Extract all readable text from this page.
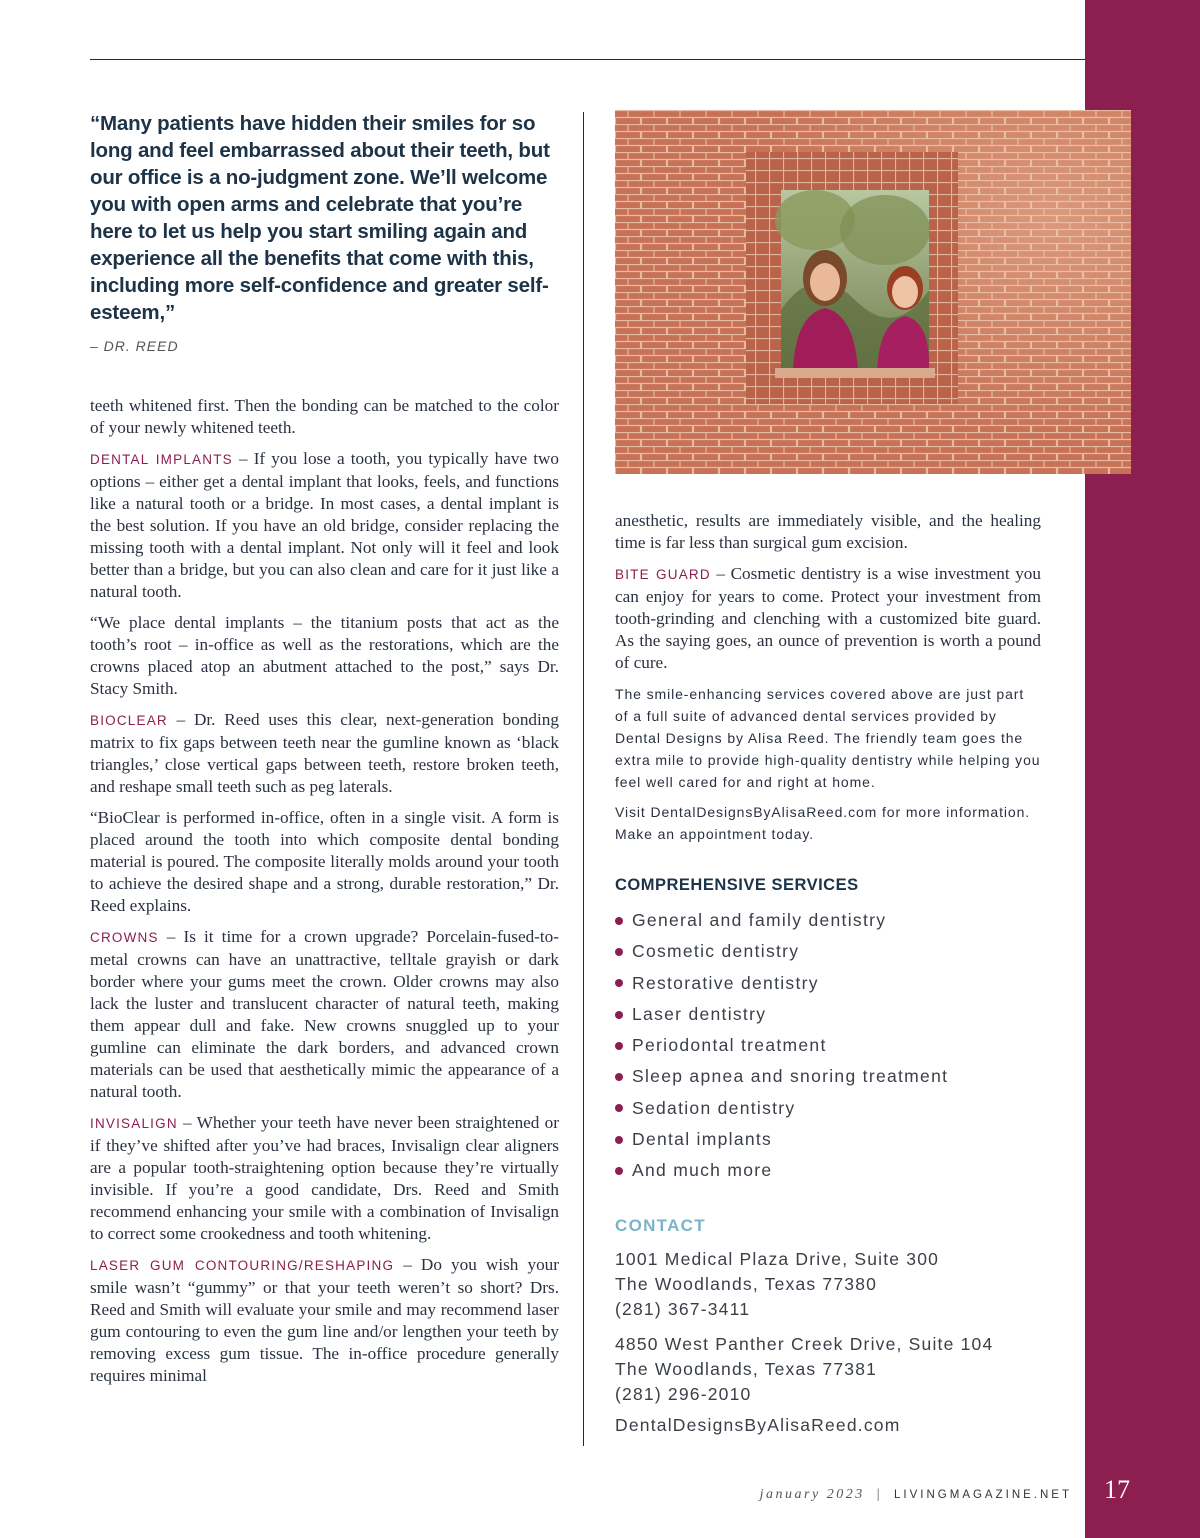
“Many patients have hidden their smiles for so long and feel embarrassed about their teeth, but our office is a no-judgment zone. We’ll welcome you with open arms and celebrate that you’re here to let us help you start smiling again and experience all the benefits that come with this, including more self-confidence and greater self-esteem,”
– DR. REED

teeth whitened first. Then the bonding can be matched to the color of your newly whitened teeth.

DENTAL IMPLANTS – If you lose a tooth, you typically have two options – either get a dental implant that looks, feels, and functions like a natural tooth or a bridge. In most cases, a dental implant is the best solution. If you have an old bridge, consider replacing the missing tooth with a dental implant. Not only will it feel and look better than a bridge, but you can also clean and care for it just like a natural tooth.

“We place dental implants – the titanium posts that act as the tooth’s root – in-office as well as the restorations, which are the crowns placed atop an abutment attached to the post,” says Dr. Stacy Smith.

BIOCLEAR – Dr. Reed uses this clear, next-generation bonding matrix to fix gaps between teeth near the gumline known as ‘black triangles,’ close vertical gaps between teeth, restore broken teeth, and reshape small teeth such as peg laterals.

“BioClear is performed in-office, often in a single visit. A form is placed around the tooth into which composite dental bonding material is poured. The composite literally molds around your tooth to achieve the desired shape and a strong, durable restoration,” Dr. Reed explains.

CROWNS – Is it time for a crown upgrade? Porcelain-fused-to-metal crowns can have an unattractive, telltale grayish or dark border where your gums meet the crown. Older crowns may also lack the luster and translucent character of natural teeth, making them appear dull and fake. New crowns snuggled up to your gumline can eliminate the dark borders, and advanced crown materials can be used that aesthetically mimic the appearance of a natural tooth.

INVISALIGN – Whether your teeth have never been straightened or if they’ve shifted after you’ve had braces, Invisalign clear aligners are a popular tooth-straightening option because they’re virtually invisible. If you’re a good candidate, Drs. Reed and Smith recommend enhancing your smile with a combination of Invisalign to correct some crookedness and tooth whitening.

LASER GUM CONTOURING/RESHAPING – Do you wish your smile wasn’t “gummy” or that your teeth weren’t so short? Drs. Reed and Smith will evaluate your smile and may recommend laser gum contouring to even the gum line and/or lengthen your teeth by removing excess gum tissue. The in-office procedure generally requires minimal

anesthetic, results are immediately visible, and the healing time is far less than surgical gum excision.

BITE GUARD – Cosmetic dentistry is a wise investment you can enjoy for years to come. Protect your investment from tooth-grinding and clenching with a customized bite guard. As the saying goes, an ounce of prevention is worth a pound of cure.

The smile-enhancing services covered above are just part of a full suite of advanced dental services provided by Dental Designs by Alisa Reed. The friendly team goes the extra mile to provide high-quality dentistry while helping you feel well cared for and right at home.

Visit DentalDesignsByAlisaReed.com for more information. Make an appointment today.

COMPREHENSIVE SERVICES
General and family dentistry
Cosmetic dentistry
Restorative dentistry
Laser dentistry
Periodontal treatment
Sleep apnea and snoring treatment
Sedation dentistry
Dental implants
And much more
CONTACT
1001 Medical Plaza Drive, Suite 300
The Woodlands, Texas 77380
(281) 367-3411
4850 West Panther Creek Drive, Suite 104
The Woodlands, Texas 77381
(281) 296-2010
DentalDesignsByAlisaReed.com
january 2023 | LIVINGMAGAZINE.NET 17
